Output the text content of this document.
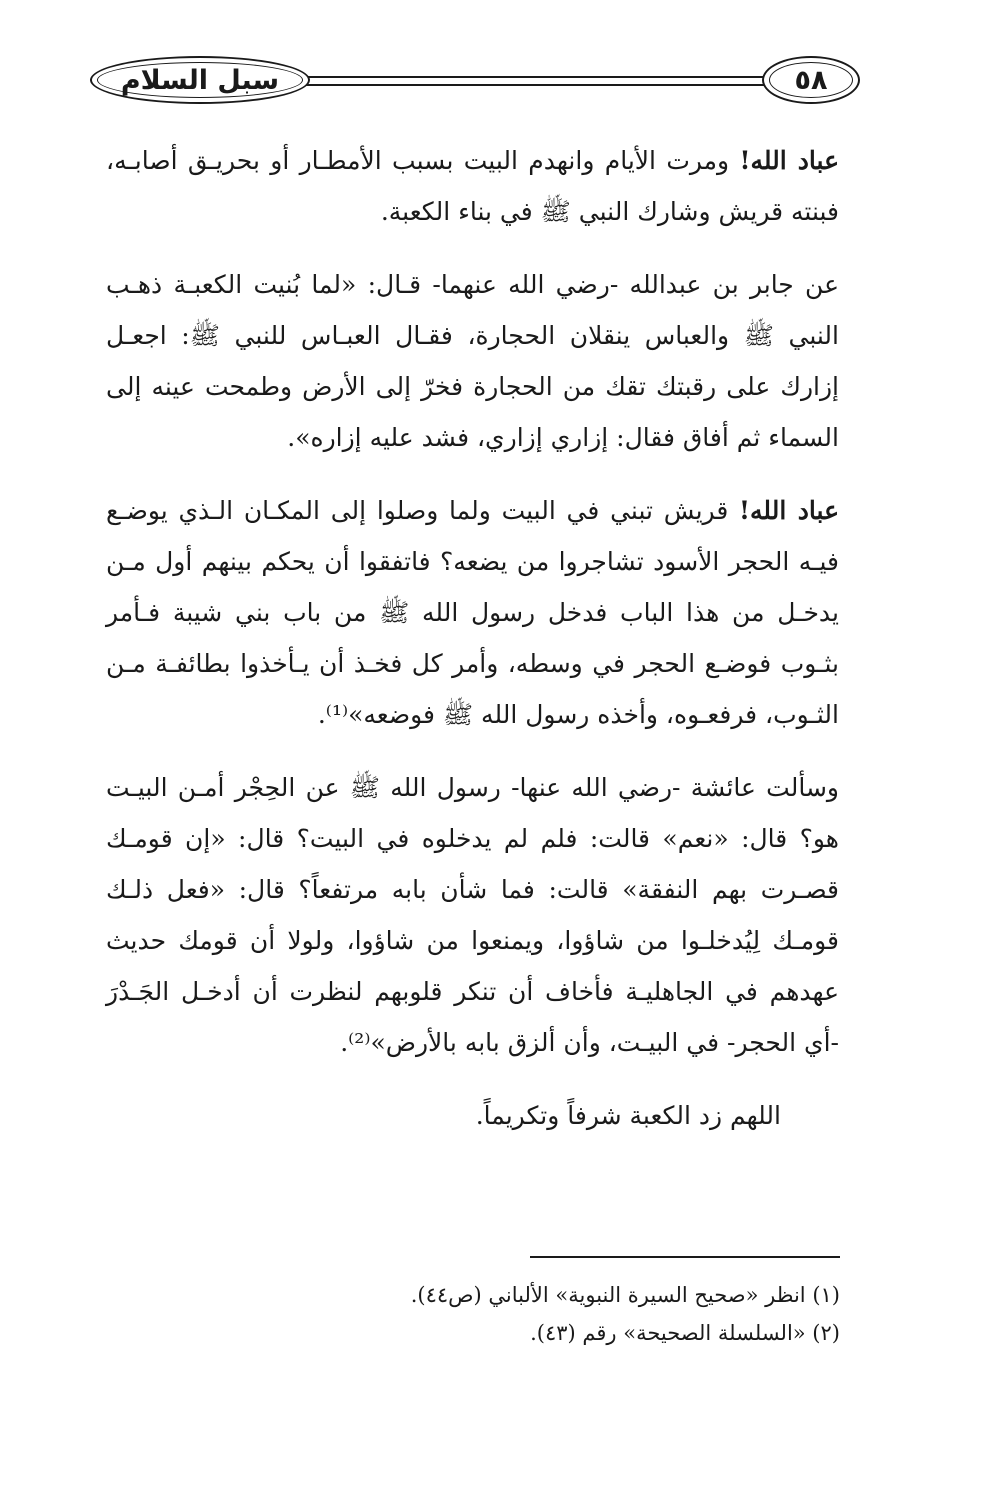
سبل السلام	٥٨

عباد الله! ومرت الأيام وانهدم البيت بسبب الأمطـار أو بحريـق أصابـه، فبنته قريش وشارك النبي ﷺ في بناء الكعبة.

عن جابر بن عبدالله -رضي الله عنهما- قـال: «لما بُنيت الكعبـة ذهـب النبي ﷺ والعباس ينقلان الحجارة، فقـال العبـاس للنبي ﷺ: اجعـل إزارك على رقبتك تقك من الحجارة فخرّ إلى الأرض وطمحت عينه إلى السماء ثم أفاق فقال: إزاري إزاري، فشد عليه إزاره».

عباد الله! قريش تبني في البيت ولما وصلوا إلى المكـان الـذي يوضـع فيـه الحجر الأسود تشاجروا من يضعه؟ فاتفقوا أن يحكم بينهم أول مـن يدخـل من هذا الباب فدخل رسول الله ﷺ من باب بني شيبة فـأمر بثـوب فوضـع الحجر في وسطه، وأمر كل فخـذ أن يـأخذوا بطائفـة مـن الثـوب، فرفعـوه، وأخذه رسول الله ﷺ فوضعه»⁽¹⁾.

وسألت عائشة -رضي الله عنها- رسول الله ﷺ عن الحِجْر أمـن البيـت هو؟ قال: «نعم» قالت: فلم لم يدخلوه في البيت؟ قال: «إن قومـك قصـرت بهم النفقة» قالت: فما شأن بابه مرتفعاً؟ قال: «فعل ذلـك قومـك لِيُدخلـوا من شاؤوا، ويمنعوا من شاؤوا، ولولا أن قومك حديث عهدهم في الجاهليـة فأخاف أن تنكر قلوبهم لنظرت أن أدخـل الجَـدْرَ -أي الحجر- في البيـت، وأن ألزق بابه بالأرض»⁽²⁾.

اللهم زد الكعبة شرفاً وتكريماً.

(١) انظر «صحيح السيرة النبوية» الألباني (ص٤٤).
(٢) «السلسلة الصحيحة» رقم (٤٣).
